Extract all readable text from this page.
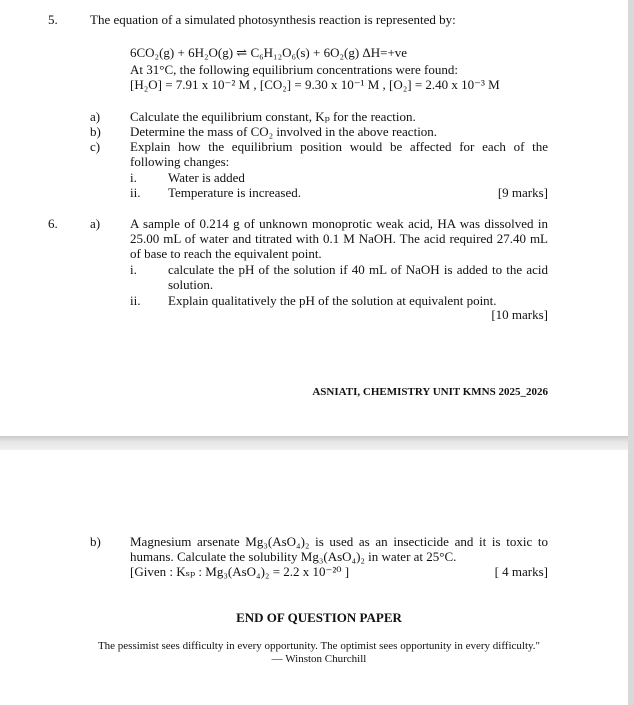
5. The equation of a simulated photosynthesis reaction is represented by:
6CO₂(g) + 6H₂O(g) ⇌ C₆H₁₂O₆(s) + 6O₂(g) ΔH=+ve
At 31°C, the following equilibrium concentrations were found:
[H₂O] = 7.91 x 10⁻² M , [CO₂] = 9.30 x 10⁻¹ M , [O₂] = 2.40 x 10⁻³ M
a) Calculate the equilibrium constant, Kₚ for the reaction.
b) Determine the mass of CO₂ involved in the above reaction.
c) Explain how the equilibrium position would be affected for each of the following changes:
i. Water is added
ii. Temperature is increased.	[9 marks]
6. a) A sample of 0.214 g of unknown monoprotic weak acid, HA was dissolved in 25.00 mL of water and titrated with 0.1 M NaOH. The acid required 27.40 mL of base to reach the equivalent point.
i. calculate the pH of the solution if 40 mL of NaOH is added to the acid solution.
ii. Explain qualitatively the pH of the solution at equivalent point.
[10 marks]
ASNIATI, CHEMISTRY UNIT KMNS 2025_2026
b) Magnesium arsenate Mg₃(AsO₄)₂ is used as an insecticide and it is toxic to humans. Calculate the solubility Mg₃(AsO₄)₂ in water at 25°C.
[Given : Kₛₚ : Mg₃(AsO₄)₂ = 2.2 x 10⁻²⁰ ]	[ 4 marks]
END OF QUESTION PAPER
The pessimist sees difficulty in every opportunity. The optimist sees opportunity in every difficulty."
— Winston Churchill
